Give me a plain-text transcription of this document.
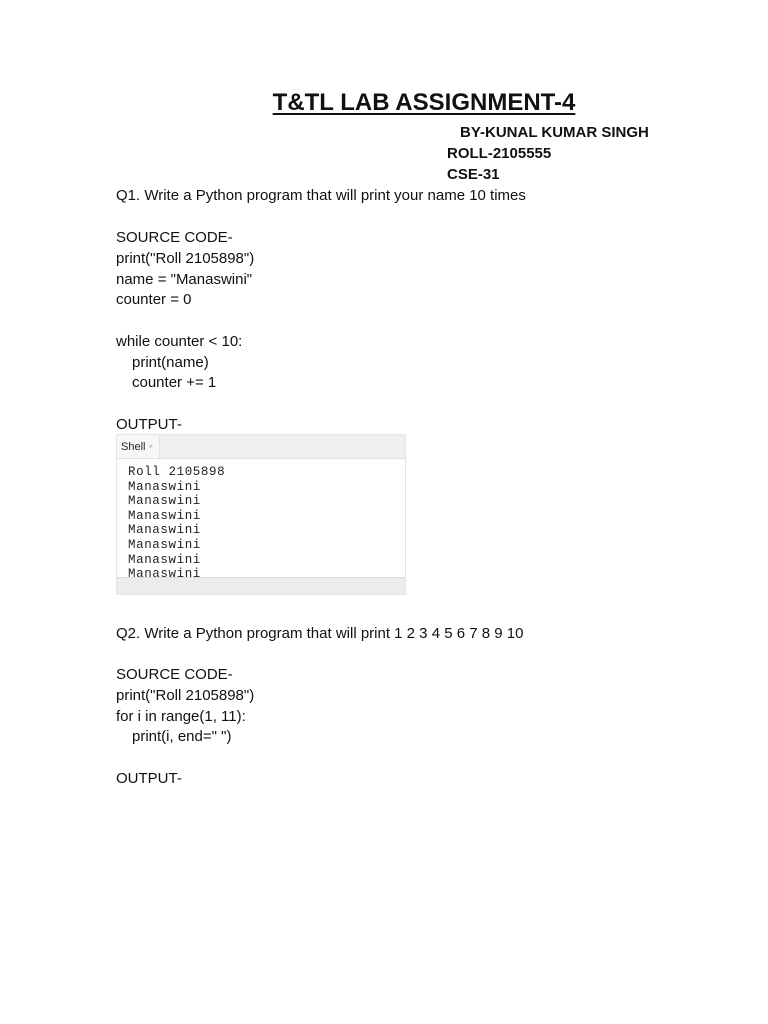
T&TL LAB ASSIGNMENT-4
BY-KUNAL KUMAR SINGH
ROLL-2105555
CSE-31
Q1. Write a Python program that will print your name 10 times
SOURCE CODE-
print("Roll 2105898")
name = "Manaswini"
counter = 0
while counter < 10:
print(name)
counter += 1
OUTPUT-
Shell ×
Roll 2105898
Manaswini
Manaswini
Manaswini
Manaswini
Manaswini
Manaswini
Manaswini
Q2. Write a Python program that will print 1 2 3 4 5 6 7 8 9 10
SOURCE CODE-
print("Roll 2105898")
for i in range(1, 11):
print(i, end=" ")
OUTPUT-
